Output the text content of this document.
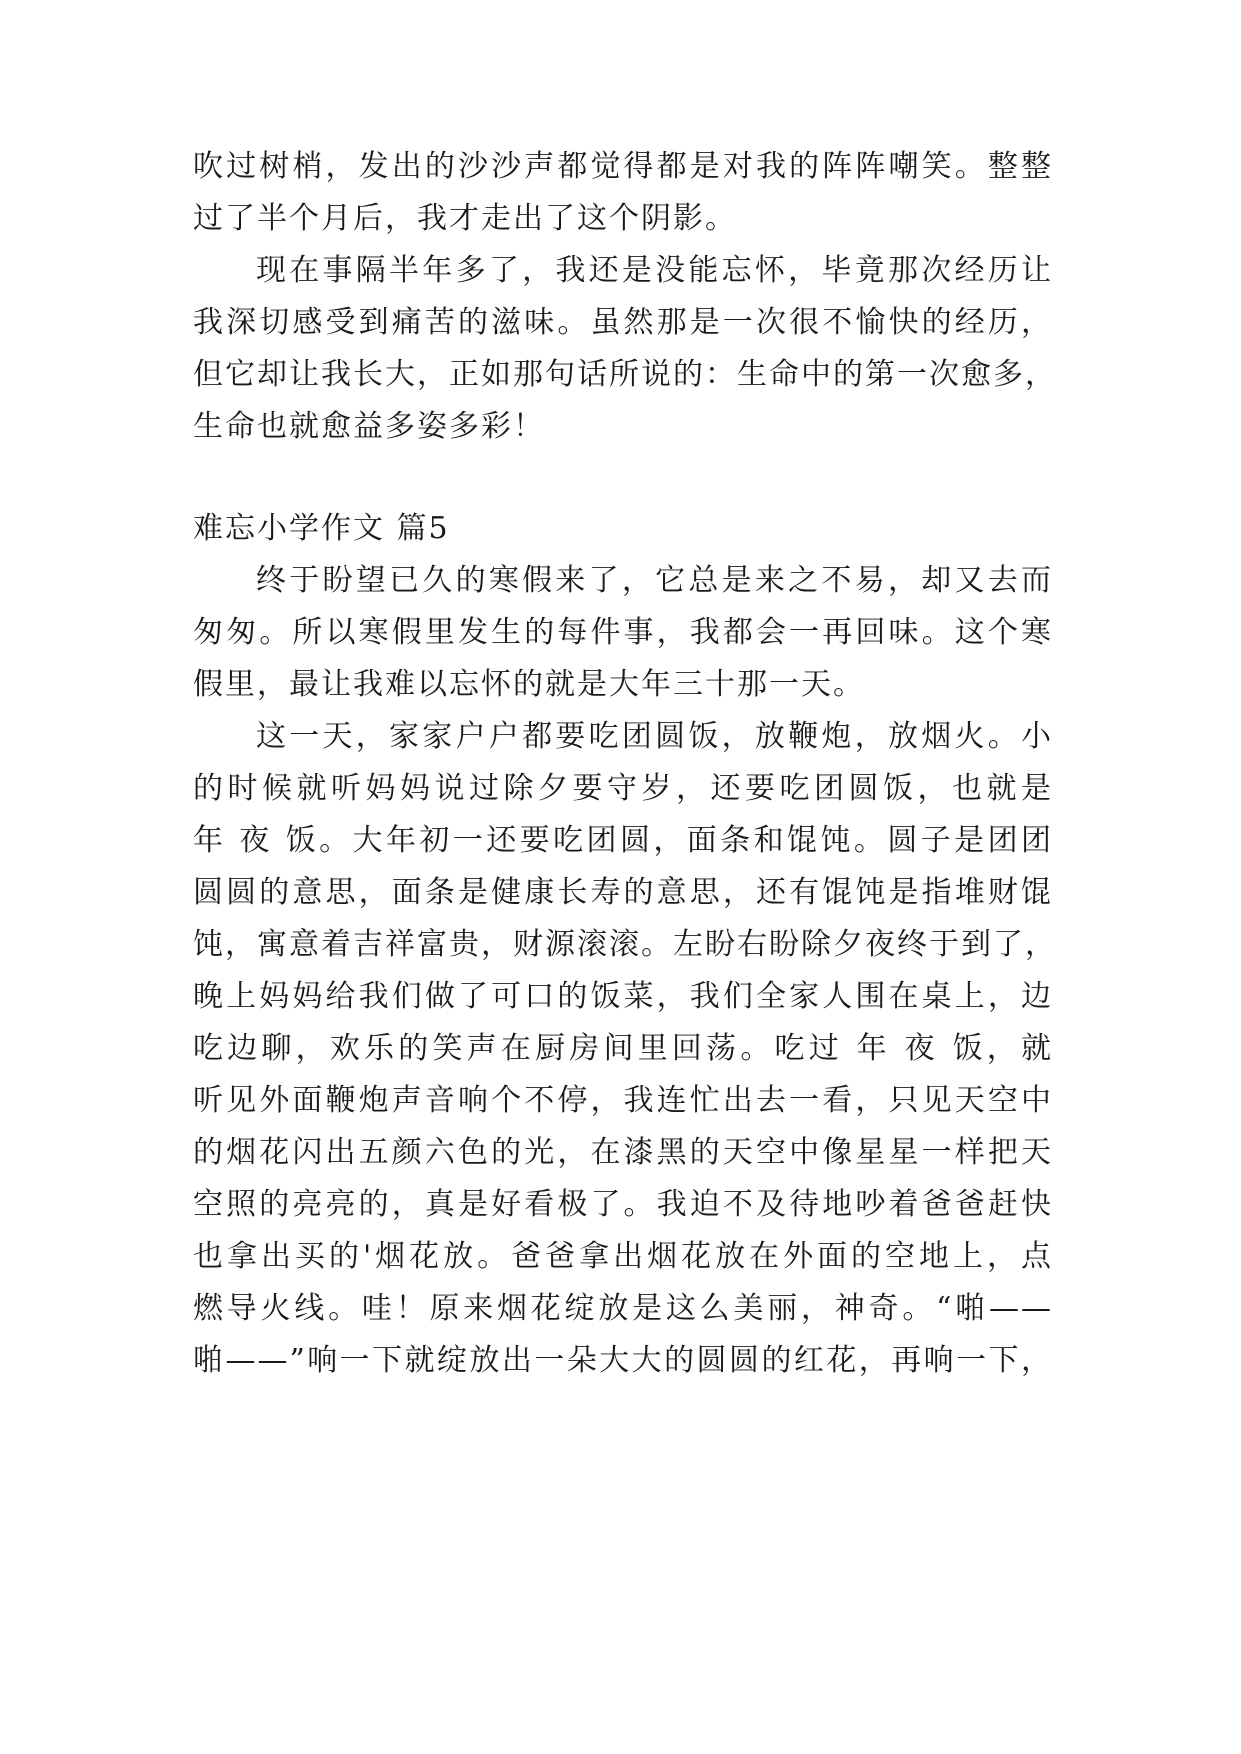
吹过树梢，发出的沙沙声都觉得都是对我的阵阵嘲笑。整整
过了半个月后，我才走出了这个阴影。
现在事隔半年多了，我还是没能忘怀，毕竟那次经历让
我深切感受到痛苦的滋味。虽然那是一次很不愉快的经历，
但它却让我长大，正如那句话所说的：生命中的第一次愈多，
生命也就愈益多姿多彩！
难忘小学作文 篇5
终于盼望已久的寒假来了，它总是来之不易，却又去而
匆匆。所以寒假里发生的每件事，我都会一再回味。这个寒
假里，最让我难以忘怀的就是大年三十那一天。
这一天，家家户户都要吃团圆饭，放鞭炮，放烟火。小
的时候就听妈妈说过除夕要守岁，还要吃团圆饭，也就是
年 夜 饭。大年初一还要吃团圆，面条和馄饨。圆子是团团
圆圆的意思，面条是健康长寿的意思，还有馄饨是指堆财馄
饨，寓意着吉祥富贵，财源滚滚。左盼右盼除夕夜终于到了，
晚上妈妈给我们做了可口的饭菜，我们全家人围在桌上，边
吃边聊，欢乐的笑声在厨房间里回荡。吃过 年 夜 饭，就
听见外面鞭炮声音响个不停，我连忙出去一看，只见天空中
的烟花闪出五颜六色的光，在漆黑的天空中像星星一样把天
空照的亮亮的，真是好看极了。我迫不及待地吵着爸爸赶快
也拿出买的'烟花放。爸爸拿出烟花放在外面的空地上，点
燃导火线。哇！原来烟花绽放是这么美丽，神奇。“啪——
啪——”响一下就绽放出一朵大大的圆圆的红花，再响一下，
